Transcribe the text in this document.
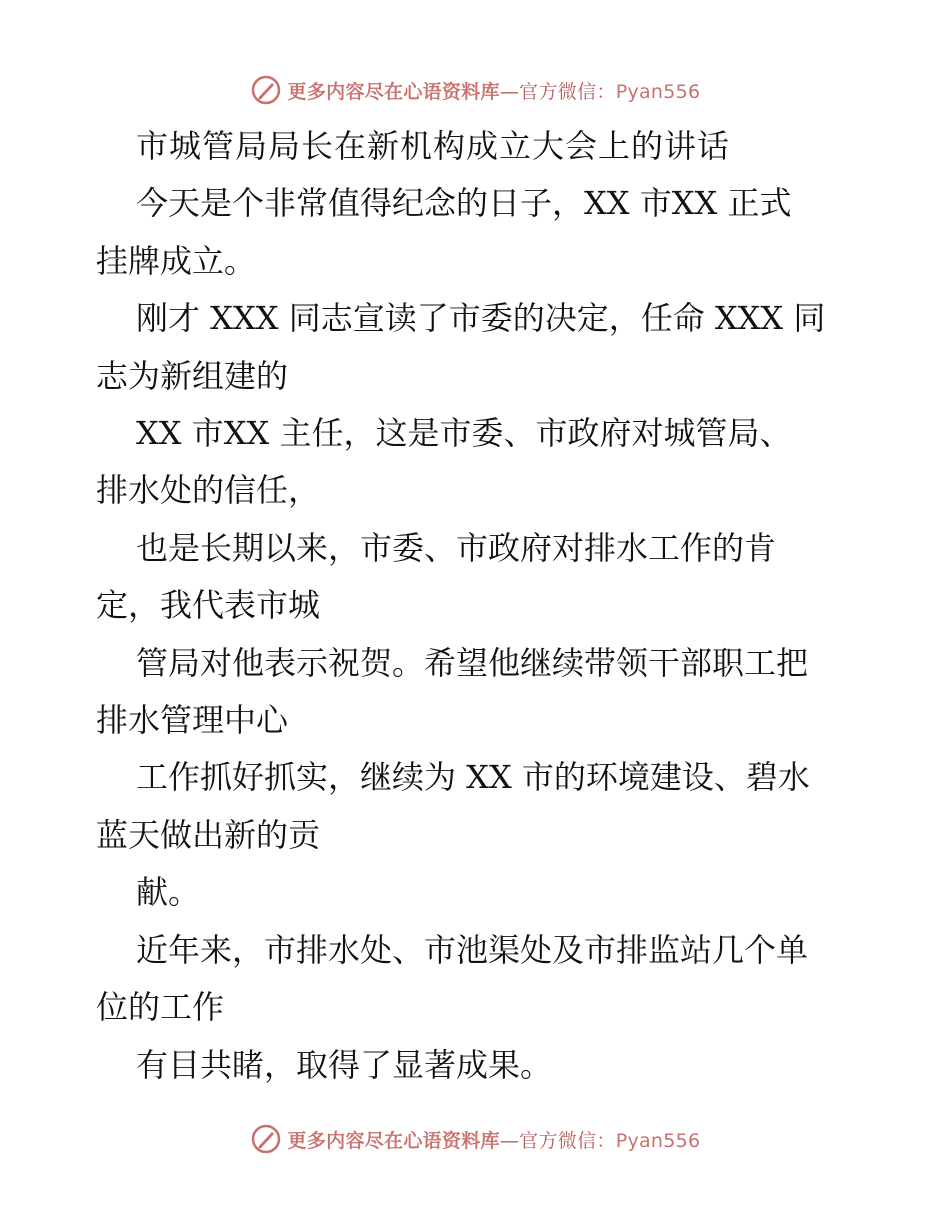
更多内容尽在心语资料库—官方微信：Pyan556

市城管局局长在新机构成立大会上的讲话

今天是个非常值得纪念的日子，XX 市XX 正式

挂牌成立。

刚才 XXX 同志宣读了市委的决定，任命 XXX 同

志为新组建的

XX 市XX 主任，这是市委、市政府对城管局、

排水处的信任，

也是长期以来，市委、市政府对排水工作的肯

定，我代表市城

管局对他表示祝贺。希望他继续带领干部职工把

排水管理中心

工作抓好抓实，继续为 XX 市的环境建设、碧水

蓝天做出新的贡

献。

近年来，市排水处、市池渠处及市排监站几个单

位的工作

有目共睹，取得了显著成果。

更多内容尽在心语资料库—官方微信：Pyan556
